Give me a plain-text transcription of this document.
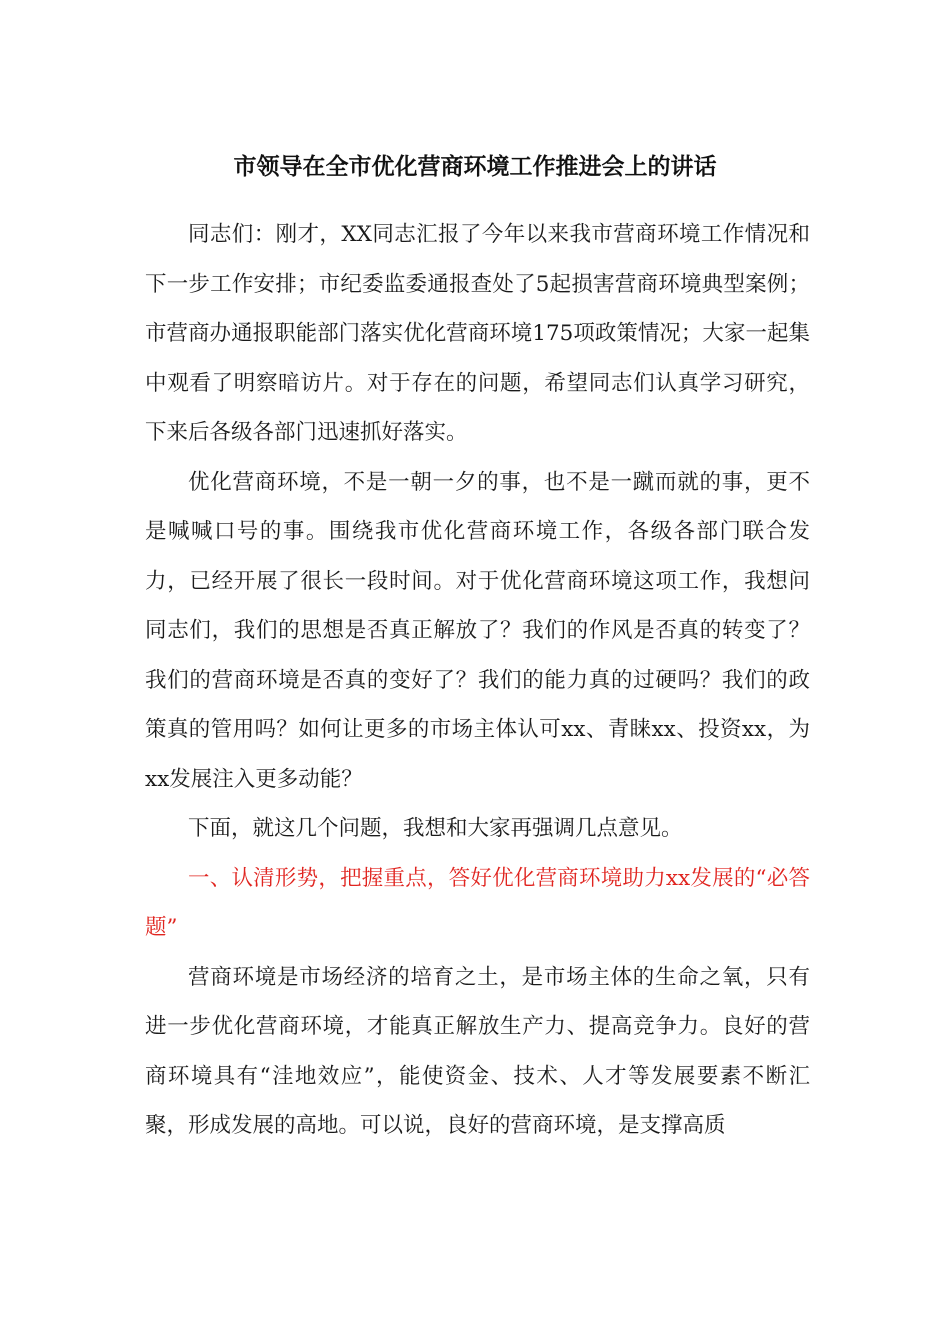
市领导在全市优化营商环境工作推进会上的讲话

同志们：刚才，XX同志汇报了今年以来我市营商环境工作情况和下一步工作安排；市纪委监委通报查处了5起损害营商环境典型案例；市营商办通报职能部门落实优化营商环境175项政策情况；大家一起集中观看了明察暗访片。对于存在的问题，希望同志们认真学习研究，下来后各级各部门迅速抓好落实。

优化营商环境，不是一朝一夕的事，也不是一蹴而就的事，更不是喊喊口号的事。围绕我市优化营商环境工作，各级各部门联合发力，已经开展了很长一段时间。对于优化营商环境这项工作，我想问同志们，我们的思想是否真正解放了？我们的作风是否真的转变了？我们的营商环境是否真的变好了？我们的能力真的过硬吗？我们的政策真的管用吗？如何让更多的市场主体认可xx、青睐xx、投资xx，为xx发展注入更多动能？

下面，就这几个问题，我想和大家再强调几点意见。

一、认清形势，把握重点，答好优化营商环境助力xx发展的“必答题”

营商环境是市场经济的培育之土，是市场主体的生命之氧，只有进一步优化营商环境，才能真正解放生产力、提高竞争力。良好的营商环境具有“洼地效应”，能使资金、技术、人才等发展要素不断汇聚，形成发展的高地。可以说，良好的营商环境，是支撑高质
